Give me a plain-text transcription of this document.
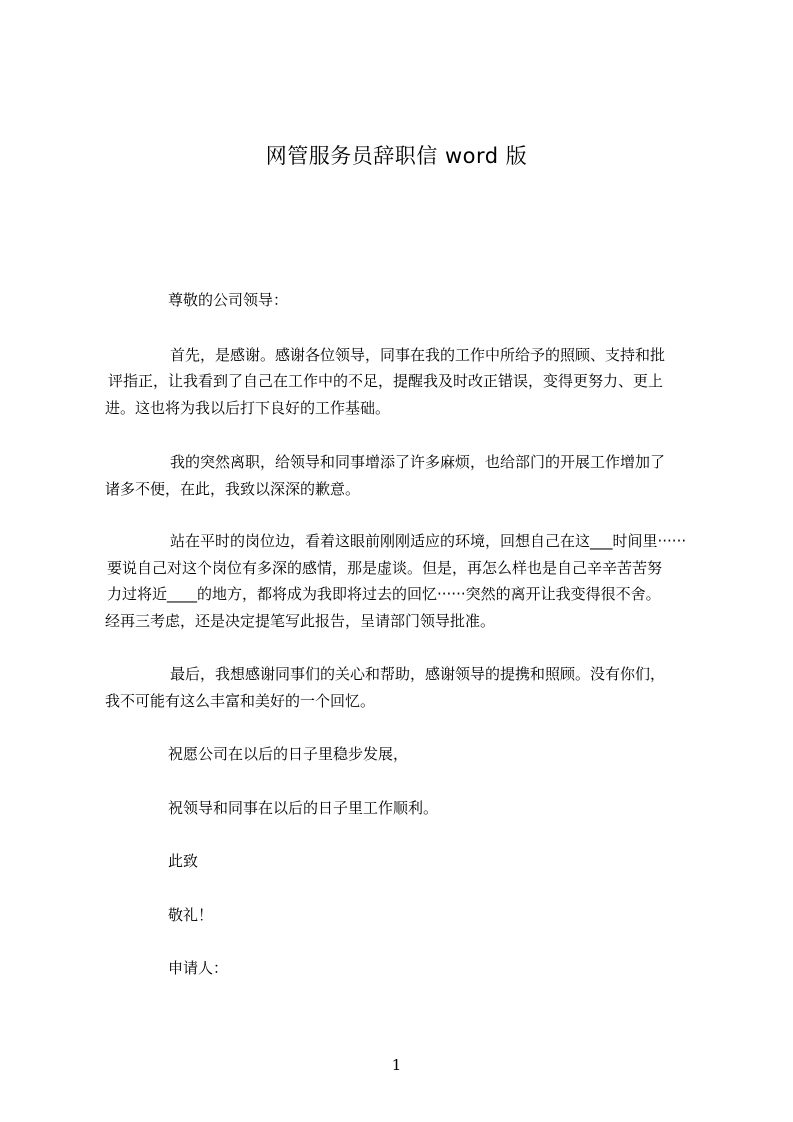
网管服务员辞职信 word 版
尊敬的公司领导：
首先，是感谢。感谢各位领导，同事在我的工作中所给予的照顾、支持和批
评指正，让我看到了自己在工作中的不足，提醒我及时改正错误，变得更努力、更上
进。这也将为我以后打下良好的工作基础。
我的突然离职，给领导和同事增添了许多麻烦，也给部门的开展工作增加了
诸多不便，在此，我致以深深的歉意。
站在平时的岗位边，看着这眼前刚刚适应的环境，回想自己在这___时间里······
要说自己对这个岗位有多深的感情，那是虚谈。但是，再怎么样也是自己辛辛苦苦努
力过将近____的地方，都将成为我即将过去的回忆······突然的离开让我变得很不舍。
经再三考虑，还是决定提笔写此报告，呈请部门领导批准。
最后，我想感谢同事们的关心和帮助，感谢领导的提携和照顾。没有你们，
我不可能有这么丰富和美好的一个回忆。
祝愿公司在以后的日子里稳步发展，
祝领导和同事在以后的日子里工作顺利。
此致
敬礼！
申请人：
1
